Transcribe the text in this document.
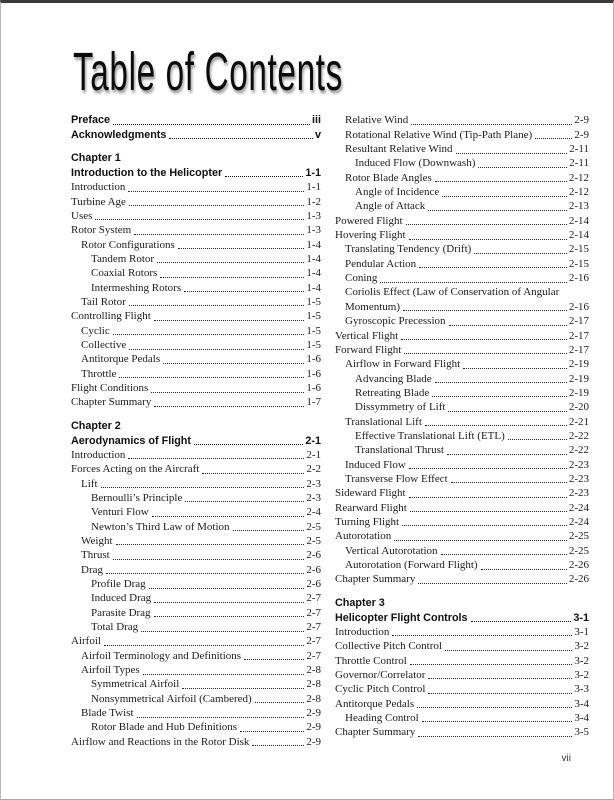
Table of Contents
Preface	iii
Acknowledgments	v
Chapter 1
Introduction to the Helicopter	1-1
Introduction	1-1
Turbine Age	1-2
Uses	1-3
Rotor System	1-3
Rotor Configurations	1-4
Tandem Rotor	1-4
Coaxial Rotors	1-4
Intermeshing Rotors	1-4
Tail Rotor	1-5
Controlling Flight	1-5
Cyclic	1-5
Collective	1-5
Antitorque Pedals	1-6
Throttle	1-6
Flight Conditions	1-6
Chapter Summary	1-7
Chapter 2
Aerodynamics of Flight	2-1
Introduction	2-1
Forces Acting on the Aircraft	2-2
Lift	2-3
Bernoulli’s Principle	2-3
Venturi Flow	2-4
Newton’s Third Law of Motion	2-5
Weight	2-5
Thrust	2-6
Drag	2-6
Profile Drag	2-6
Induced Drag	2-7
Parasite Drag	2-7
Total Drag	2-7
Airfoil	2-7
Airfoil Terminology and Definitions	2-7
Airfoil Types	2-8
Symmetrical Airfoil	2-8
Nonsymmetrical Airfoil (Cambered)	2-8
Blade Twist	2-9
Rotor Blade and Hub Definitions	2-9
Airflow and Reactions in the Rotor Disk	2-9
Relative Wind	2-9
Rotational Relative Wind (Tip-Path Plane)	2-9
Resultant Relative Wind	2-11
Induced Flow (Downwash)	2-11
Rotor Blade Angles	2-12
Angle of Incidence	2-12
Angle of Attack	2-13
Powered Flight	2-14
Hovering Flight	2-14
Translating Tendency (Drift)	2-15
Pendular Action	2-15
Coning	2-16
Coriolis Effect (Law of Conservation of Angular
Momentum)	2-16
Gyroscopic Precession	2-17
Vertical Flight	2-17
Forward Flight	2-17
Airflow in Forward Flight	2-19
Advancing Blade	2-19
Retreating Blade	2-19
Dissymmetry of Lift	2-20
Translational Lift	2-21
Effective Translational Lift (ETL)	2-22
Translational Thrust	2-22
Induced Flow	2-23
Transverse Flow Effect	2-23
Sideward Flight	2-23
Rearward Flight	2-24
Turning Flight	2-24
Autorotation	2-25
Vertical Autorotation	2-25
Autorotation (Forward Flight)	2-26
Chapter Summary	2-26
Chapter 3
Helicopter Flight Controls	3-1
Introduction	3-1
Collective Pitch Control	3-2
Throttle Control	3-2
Governor/Correlator	3-2
Cyclic Pitch Control	3-3
Antitorque Pedals	3-4
Heading Control	3-4
Chapter Summary	3-5
vii
